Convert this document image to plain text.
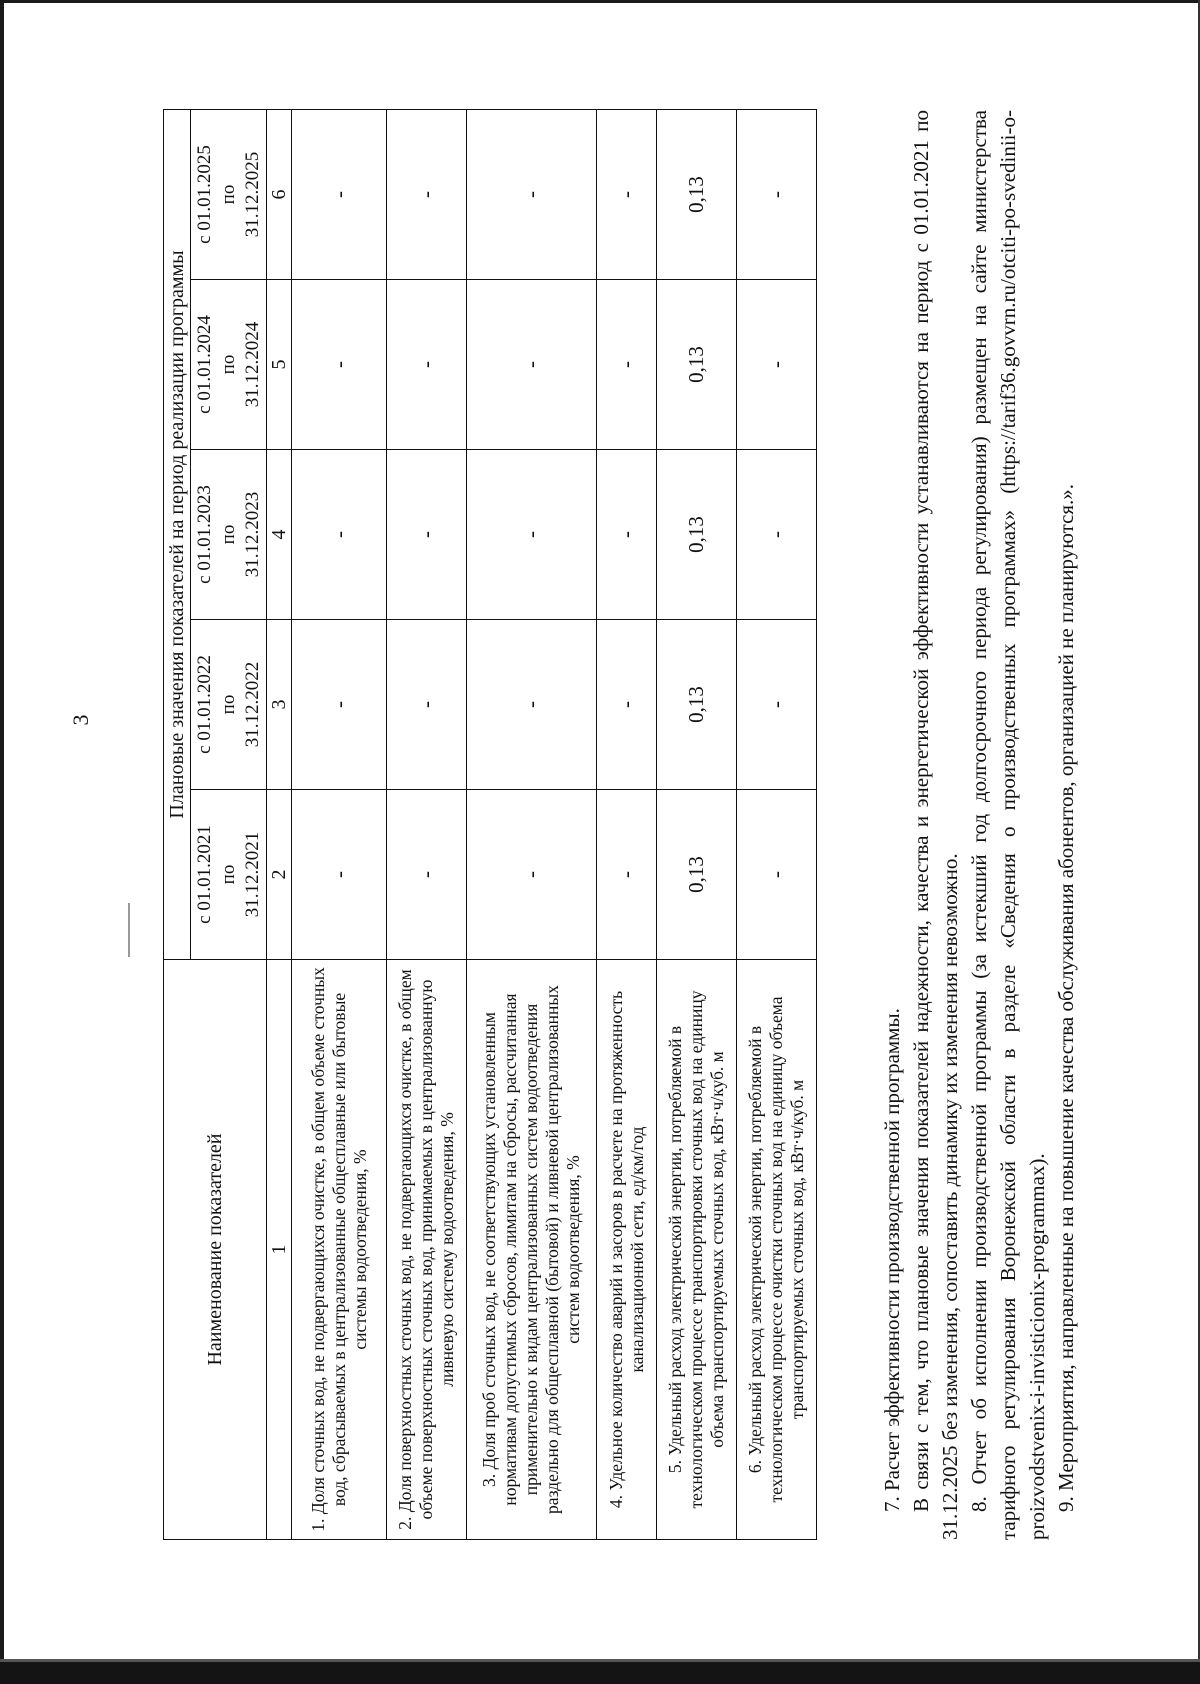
3
Наименование показателей	Плановые значения показателей на период реализации программы				

	с 01.01.2021 по 31.12.2021	с 01.01.2022 по 31.12.2022	с 01.01.2023 по 31.12.2023	с 01.01.2024 по 31.12.2024	с 01.01.2025 по 31.12.2025

1	2	3	4	5	6
1. Доля сточных вод, не подвергающихся очистке, в общем объеме сточных вод, сбрасываемых в централизованные общесплавные или бытовые системы водоотведения, %	-	-	-	-	-
2. Доля поверхностных сточных вод, не подвергающихся очистке, в общем объеме поверхностных сточных вод, принимаемых в централизованную ливневую систему водоотведения, %	-	-	-	-	-
3. Доля проб сточных вод, не соответствующих установленным нормативам допустимых сбросов, лимитам на сбросы, рассчитанная применительно к видам централизованных систем водоотведения раздельно для общесплавной (бытовой) и ливневой централизованных систем водоотведения, %	-	-	-	-	-
4. Удельное количество аварий и засоров в расчете на протяженность канализационной сети, ед/км/год	-	-	-	-	-
5. Удельный расход электрической энергии, потребляемой в технологическом процессе транспортировки сточных вод на единицу объема транспортируемых сточных вод, кВт·ч/куб. м	0,13	0,13	0,13	0,13	0,13
6. Удельный расход электрической энергии, потребляемой в технологическом процессе очистки сточных вод на единицу объема транспортируемых сточных вод, кВт·ч/куб. м	-	-	-	-	-

7. Расчет эффективности производственной программы. В связи с тем, что плановые значения показателей надежности, качества и энергетической эффективности устанавливаются на период с 01.01.2021 по 31.12.2025 без изменения, сопоставить динамику их изменения невозможно. 8. Отчет об исполнении производственной программы (за истекший год долгосрочного периода регулирования) размещен на сайте министерства тарифного регулирования Воронежской области в разделе «Сведения о производственных программах» (https://tarif36.govvrn.ru/otciti-po-svedinii-o-proizvodstvenix-i-invisticionix-programmax). 9. Мероприятия, направленные на повышение качества обслуживания абонентов, организацией не планируются.».
